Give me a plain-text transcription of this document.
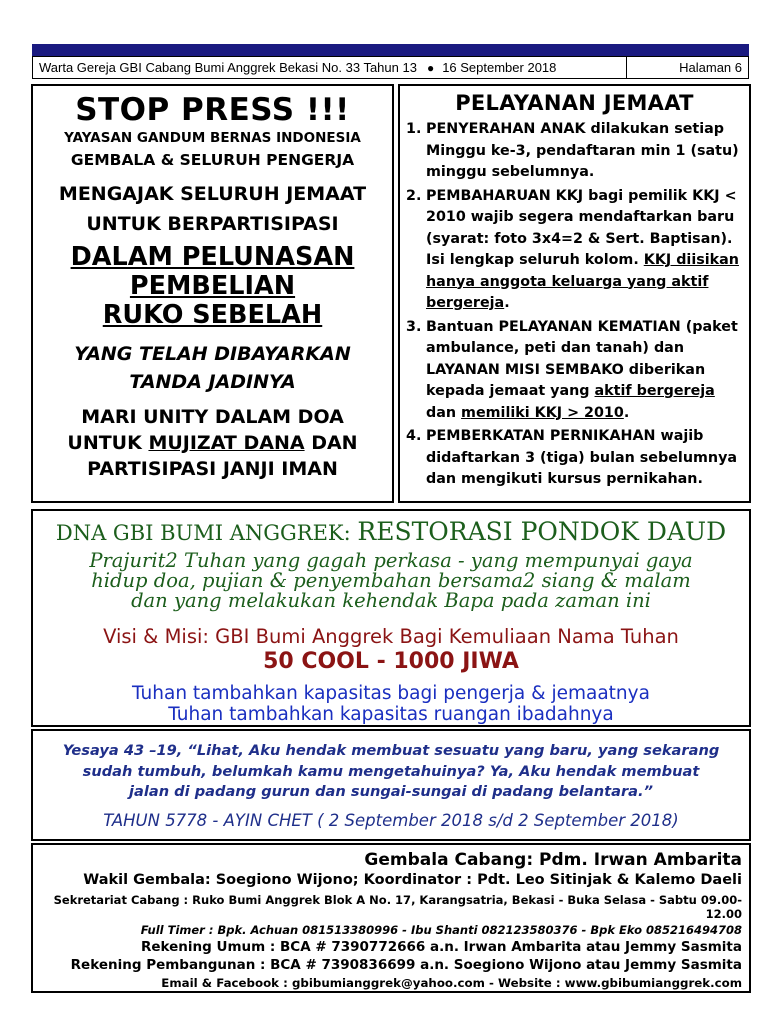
Warta Gereja GBI Cabang Bumi Anggrek Bekasi No. 33 Tahun 13 ● 16 September 2018	Halaman 6
STOP PRESS !!!
YAYASAN GANDUM BERNAS INDONESIA
GEMBALA & SELURUH PENGERJA
MENGAJAK SELURUH JEMAAT
UNTUK BERPARTISIPASI
DALAM PELUNASAN
PEMBELIAN
RUKO SEBELAH
YANG TELAH DIBAYARKAN
TANDA JADINYA
MARI UNITY DALAM DOA
UNTUK MUJIZAT DANA DAN
PARTISIPASI JANJI IMAN
PELAYANAN JEMAAT
1. PENYERAHAN ANAK dilakukan setiap Minggu ke-3, pendaftaran min 1 (satu) minggu sebelumnya.
2. PEMBAHARUAN KKJ bagi pemilik KKJ < 2010 wajib segera mendaftarkan baru (syarat: foto 3x4=2 & Sert. Baptisan). Isi lengkap seluruh kolom. KKJ diisikan hanya anggota keluarga yang aktif bergereja.
3. Bantuan PELAYANAN KEMATIAN (paket ambulance, peti dan tanah) dan LAYANAN MISI SEMBAKO diberikan kepada jemaat yang aktif bergereja dan memiliki KKJ > 2010.
4. PEMBERKATAN PERNIKAHAN wajib didaftarkan 3 (tiga) bulan sebelumnya dan mengikuti kursus pernikahan.
DNA GBI BUMI ANGGREK: RESTORASI PONDOK DAUD
Prajurit2 Tuhan yang gagah perkasa - yang mempunyai gaya
hidup doa, pujian & penyembahan bersama2 siang & malam
dan yang melakukan kehendak Bapa pada zaman ini
Visi & Misi: GBI Bumi Anggrek Bagi Kemuliaan Nama Tuhan
50 COOL - 1000 JIWA
Tuhan tambahkan kapasitas bagi pengerja & jemaatnya
Tuhan tambahkan kapasitas ruangan ibadahnya
Yesaya 43 –19, “Lihat, Aku hendak membuat sesuatu yang baru, yang sekarang
sudah tumbuh, belumkah kamu mengetahuinya? Ya, Aku hendak membuat
jalan di padang gurun dan sungai-sungai di padang belantara.”
TAHUN 5778 - AYIN CHET ( 2 September 2018 s/d 2 September 2018)
Gembala Cabang: Pdm. Irwan Ambarita
Wakil Gembala: Soegiono Wijono; Koordinator : Pdt. Leo Sitinjak & Kalemo Daeli
Sekretariat Cabang : Ruko Bumi Anggrek Blok A No. 17, Karangsatria, Bekasi - Buka Selasa - Sabtu 09.00- 12.00
Full Timer : Bpk. Achuan 081513380996 - Ibu Shanti 082123580376 - Bpk Eko 085216494708
Rekening Umum : BCA # 7390772666 a.n. Irwan Ambarita atau Jemmy Sasmita
Rekening Pembangunan : BCA # 7390836699 a.n. Soegiono Wijono atau Jemmy Sasmita
Email & Facebook : gbibumianggrek@yahoo.com - Website : www.gbibumianggrek.com
